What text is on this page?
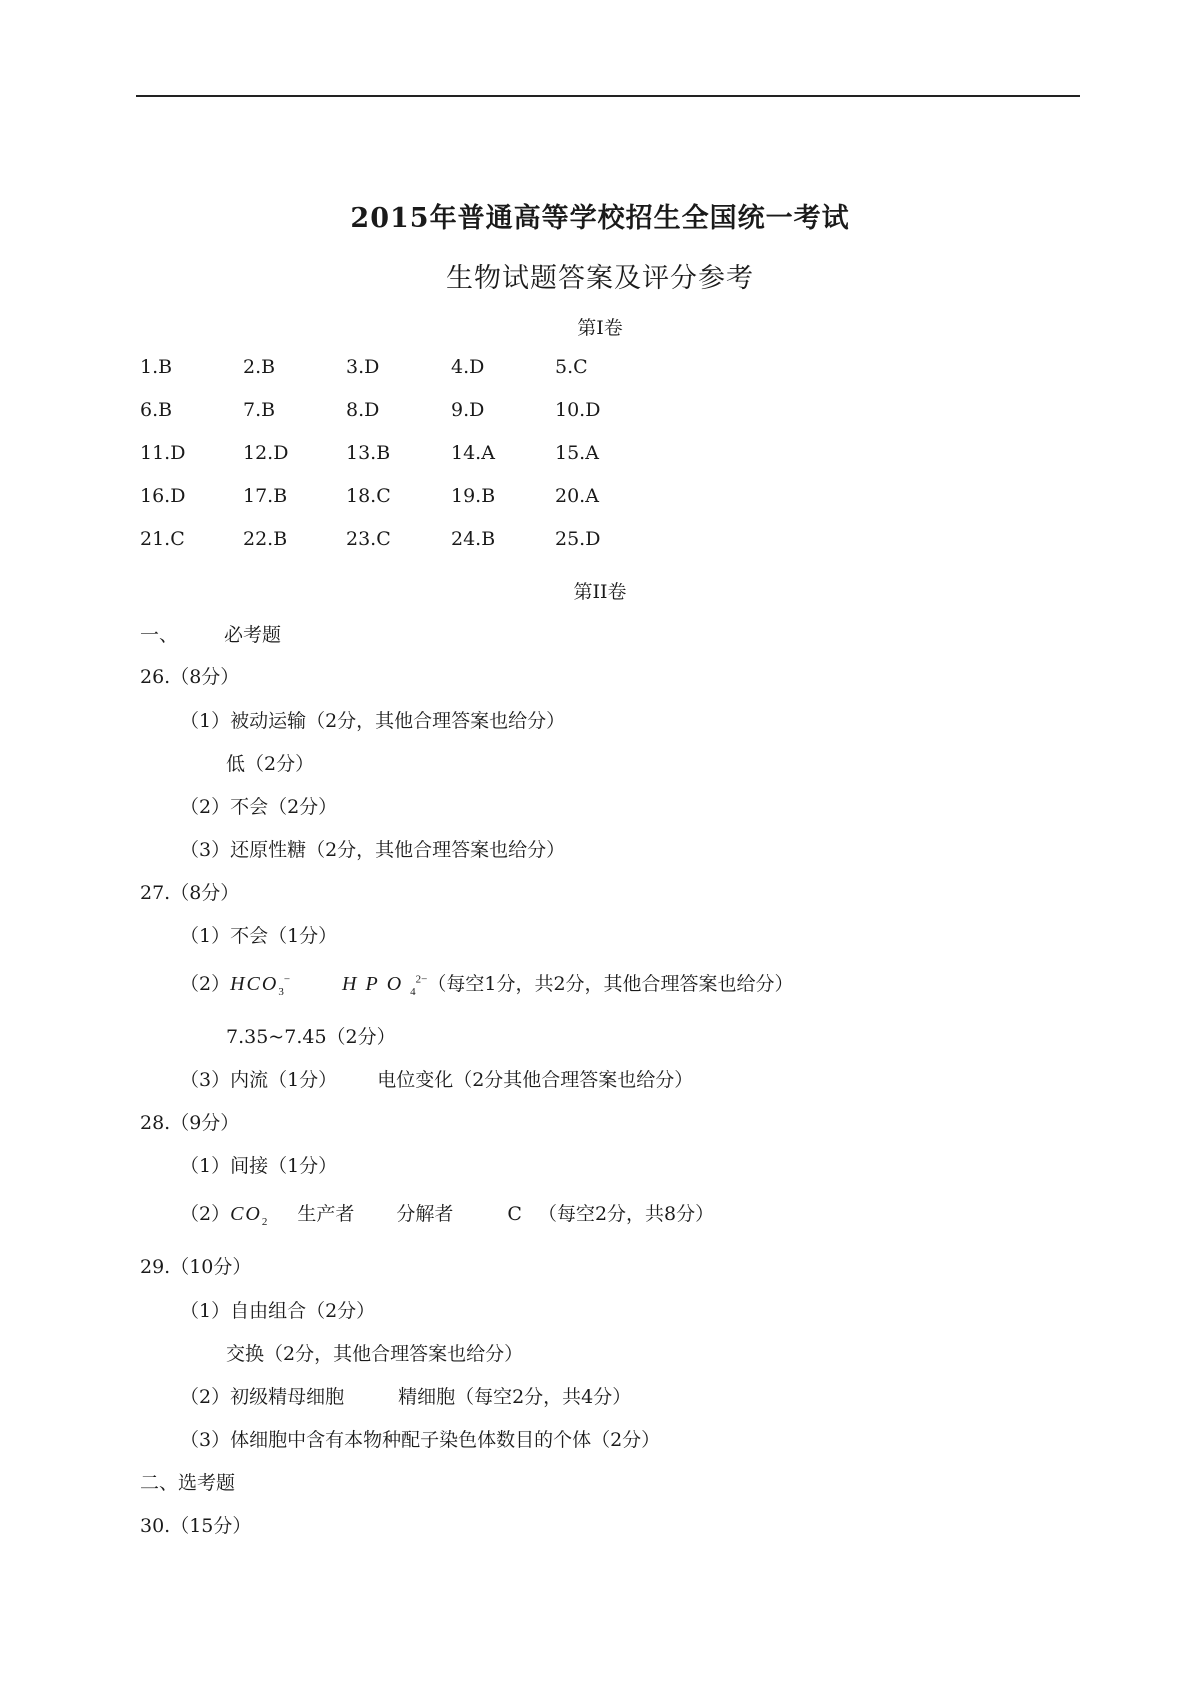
2015年普通高等学校招生全国统一考试
生物试题答案及评分参考
第I卷
1.B	2.B	3.D	4.D	5.C
6.B	7.B	8.D	9.D	10.D
11.D	12.D	13.B	14.A	15.A
16.D	17.B	18.C	19.B	20.A
21.C	22.B	23.C	24.B	25.D
第II卷
一、 必考题
26.（8分）
（1）被动运输（2分，其他合理答案也给分）
低（2分）
（2）不会（2分）
（3）还原性糖（2分，其他合理答案也给分）
27.（8分）
（1）不会（1分）
$(2)HCO_3^-$	$HPO_4^{2-}$（每空1分，共2分，其他合理答案也给分）
7.35~7.45（2分）
（3）内流（1分） 电位变化（2分其他合理答案也给分）
28.（9分）
（1）间接（1分）
$(2)CO_2$ 生产者 分解者	C （每空2分，共8分）
29.（10分）
（1）自由组合（2分）
交换（2分，其他合理答案也给分）
（2）初级精母细胞	精细胞（每空2分，共4分）
（3）体细胞中含有本物种配子染色体数目的个体（2分）
二、选考题
30.（15分）
